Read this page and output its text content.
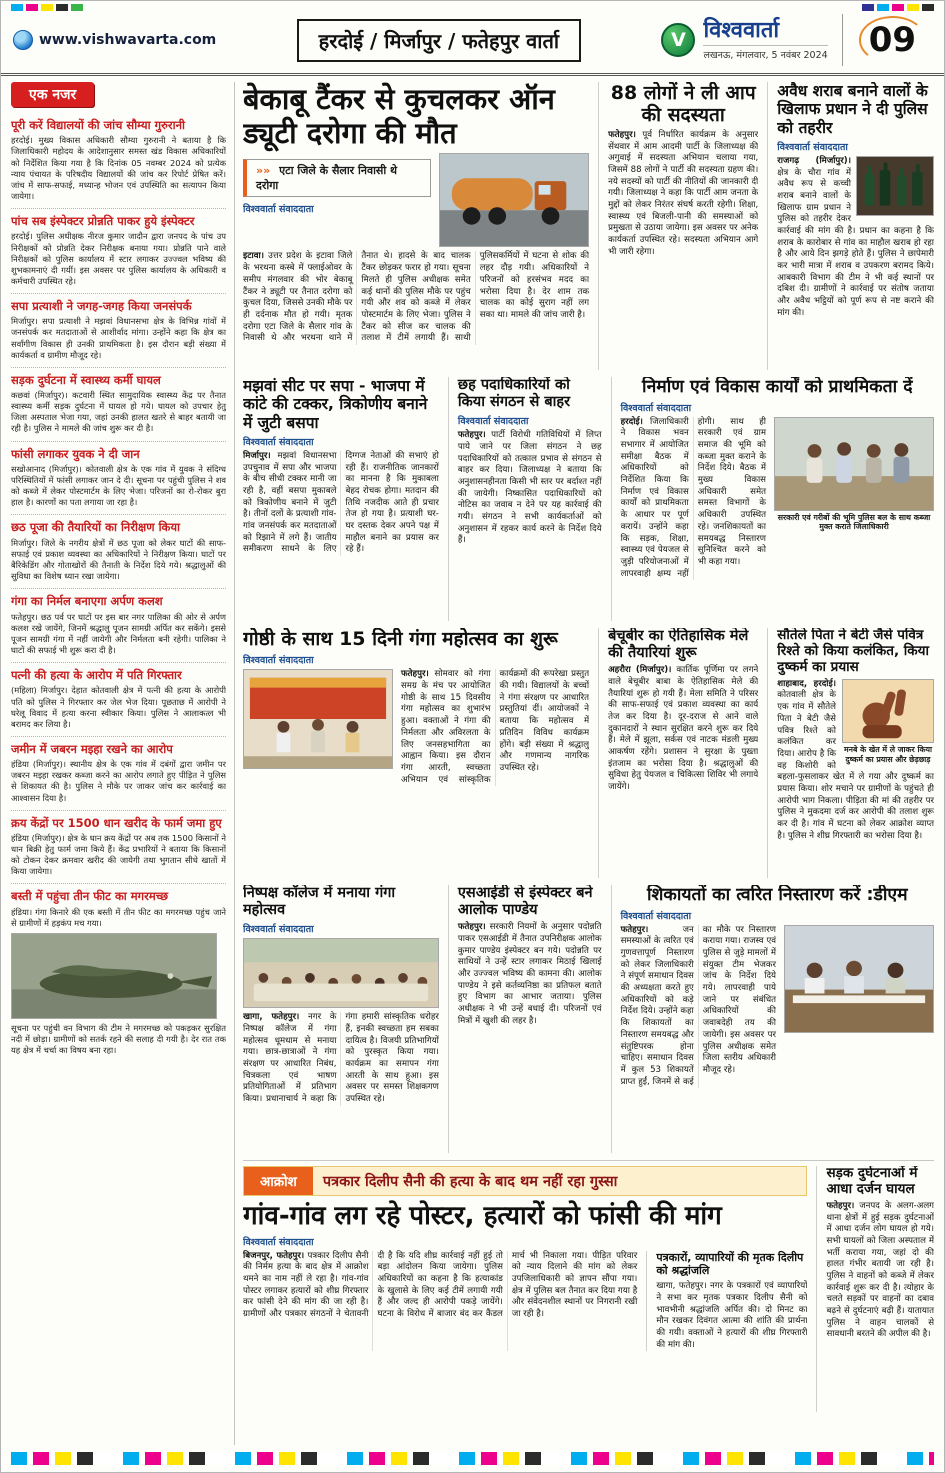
www.vishwavarta.com	हरदोई / मिर्जापुर / फतेहपुर वार्ता	V विश्ववार्ता
लखनऊ, मंगलवार, 5 नवंबर 2024	09
एक नजर
पूरी करें विद्यालयों की जांच सौम्या गुरुरानी

हरदोई। मुख्य विकास अधिकारी सौम्या गुरुरानी ने बताया है कि जिलाधिकारी महोदय के आदेशानुसार समस्त खंड विकास अधिकारियों को निर्देशित किया गया है कि दिनांक 05 नवम्बर 2024 को प्रत्येक न्याय पंचायत के परिषदीय विद्यालयों की जांच कर रिपोर्ट प्रेषित करें। जांच में साफ-सफाई, मध्यान्ह भोजन एवं उपस्थिति का सत्यापन किया जायेगा।

पांच सब इंस्पेक्टर प्रोन्नति पाकर हुये इंस्पेक्टर

हरदोई। पुलिस अधीक्षक नीरज कुमार जादौन द्वारा जनपद के पांच उप निरीक्षकों को प्रोन्नति देकर निरीक्षक बनाया गया। प्रोन्नति पाने वाले निरीक्षकों को पुलिस कार्यालय में स्टार लगाकर उज्ज्वल भविष्य की शुभकामनाएं दी गयीं। इस अवसर पर पुलिस कार्यालय के अधिकारी व कर्मचारी उपस्थित रहे।

सपा प्रत्याशी ने जगह-जगह किया जनसंपर्क

मिर्जापुर। सपा प्रत्याशी ने मझवां विधानसभा क्षेत्र के विभिन्न गांवों में जनसंपर्क कर मतदाताओं से आशीर्वाद मांगा। उन्होंने कहा कि क्षेत्र का सर्वांगीण विकास ही उनकी प्राथमिकता है। इस दौरान बड़ी संख्या में कार्यकर्ता व ग्रामीण मौजूद रहे।

सड़क दुर्घटना में स्वास्थ्य कर्मी घायल

कछवां (मिर्जापुर)। कटवारी स्थित सामुदायिक स्वास्थ्य केंद्र पर तैनात स्वास्थ्य कर्मी सड़क दुर्घटना में घायल हो गये। घायल को उपचार हेतु जिला अस्पताल भेजा गया, जहां उनकी हालत खतरे से बाहर बतायी जा रही है। पुलिस ने मामले की जांच शुरू कर दी है।

फांसी लगाकर युवक ने दी जान

सखोआनाद (मिर्जापुर)। कोतवाली क्षेत्र के एक गांव में युवक ने संदिग्ध परिस्थितियों में फांसी लगाकर जान दे दी। सूचना पर पहुंची पुलिस ने शव को कब्जे में लेकर पोस्टमार्टम के लिए भेजा। परिजनों का रो-रोकर बुरा हाल है। कारणों का पता लगाया जा रहा है।

छठ पूजा की तैयारियों का निरीक्षण किया

मिर्जापुर। जिले के नगरीय क्षेत्रों में छठ पूजा को लेकर घाटों की साफ-सफाई एवं प्रकाश व्यवस्था का अधिकारियों ने निरीक्षण किया। घाटों पर बैरिकेडिंग और गोताखोरों की तैनाती के निर्देश दिये गये। श्रद्धालुओं की सुविधा का विशेष ध्यान रखा जायेगा।

गंगा का निर्मल बनाएगा अर्पण कलश

फतेहपुर। छठ पर्व पर घाटों पर इस बार नगर पालिका की ओर से अर्पण कलश रखे जायेंगे, जिनमें श्रद्धालु पूजन सामग्री अर्पित कर सकेंगे। इससे पूजन सामग्री गंगा में नहीं जायेगी और निर्मलता बनी रहेगी। पालिका ने घाटों की सफाई भी शुरू करा दी है।

पत्नी की हत्या के आरोप में पति गिरफ्तार

(महिला) मिर्जापुर। देहात कोतवाली क्षेत्र में पत्नी की हत्या के आरोपी पति को पुलिस ने गिरफ्तार कर जेल भेज दिया। पूछताछ में आरोपी ने घरेलू विवाद में हत्या करना स्वीकार किया। पुलिस ने आलाकत्ल भी बरामद कर लिया है।

जमीन में जबरन मइहा रखने का आरोप

हंडिया (मिर्जापुर)। स्थानीय क्षेत्र के एक गांव में दबंगों द्वारा जमीन पर जबरन मइहा रखकर कब्जा करने का आरोप लगाते हुए पीड़ित ने पुलिस से शिकायत की है। पुलिस ने मौके पर जाकर जांच कर कार्रवाई का आश्वासन दिया है।

क्रय केंद्रों पर 1500 धान खरीद के फार्म जमा हुए

हंडिया (मिर्जापुर)। क्षेत्र के धान क्रय केंद्रों पर अब तक 1500 किसानों ने धान बिक्री हेतु फार्म जमा किये हैं। केंद्र प्रभारियों ने बताया कि किसानों को टोकन देकर क्रमवार खरीद की जायेगी तथा भुगतान सीधे खातों में किया जायेगा।

बस्ती में पहुंचा तीन फीट का मगरमच्छ

हंडिया। गंगा किनारे की एक बस्ती में तीन फीट का मगरमच्छ पहुंच जाने से ग्रामीणों में हड़कंप मच गया।

सूचना पर पहुंची वन विभाग की टीम ने मगरमच्छ को पकड़कर सुरक्षित नदी में छोड़ा। ग्रामीणों को सतर्क रहने की सलाह दी गयी है। देर रात तक यह क्षेत्र में चर्चा का विषय बना रहा।

बेकाबू टैंकर से कुचलकर ऑन ड्यूटी दरोगा की मौत
»» एटा जिले के सैलार निवासी थे दरोगा
विश्ववार्ता संवाददाता

इटावा। उत्तर प्रदेश के इटावा जिले के भरथना कस्बे में फ्लाईओवर के समीप मंगलवार की भोर बेकाबू टैंकर ने ड्यूटी पर तैनात दरोगा को कुचल दिया, जिससे उनकी मौके पर ही दर्दनाक मौत हो गयी। मृतक दरोगा एटा जिले के सैलार गांव के निवासी थे और भरथना थाने में तैनात थे। हादसे के बाद चालक टैंकर छोड़कर फरार हो गया। सूचना मिलते ही पुलिस अधीक्षक समेत कई थानों की पुलिस मौके पर पहुंच गयी और शव को कब्जे में लेकर पोस्टमार्टम के लिए भेजा। पुलिस ने टैंकर को सीज कर चालक की तलाश में टीमें लगायी हैं। साथी पुलिसकर्मियों में घटना से शोक की लहर दौड़ गयी। अधिकारियों ने परिजनों को हरसंभव मदद का भरोसा दिया है। देर शाम तक चालक का कोई सुराग नहीं लग सका था। मामले की जांच जारी है।

88 लोगों ने ली आप की सदस्यता

फतेहपुर। पूर्व निर्धारित कार्यक्रम के अनुसार सेंथवार में आम आदमी पार्टी के जिलाध्यक्ष की अगुवाई में सदस्यता अभियान चलाया गया, जिसमें 88 लोगों ने पार्टी की सदस्यता ग्रहण की। नये सदस्यों को पार्टी की नीतियों की जानकारी दी गयी। जिलाध्यक्ष ने कहा कि पार्टी आम जनता के मुद्दों को लेकर निरंतर संघर्ष करती रहेगी। शिक्षा, स्वास्थ्य एवं बिजली-पानी की समस्याओं को प्रमुखता से उठाया जायेगा। इस अवसर पर अनेक कार्यकर्ता उपस्थित रहे। सदस्यता अभियान आगे भी जारी रहेगा।

अवैध शराब बनाने वालों के खिलाफ प्रधान ने दी पुलिस को तहरीर
विश्ववार्ता संवाददाता

राजगढ़ (मिर्जापुर)। क्षेत्र के चौरा गांव में अवैध रूप से कच्ची शराब बनाने वालों के खिलाफ ग्राम प्रधान ने पुलिस को तहरीर देकर कार्रवाई की मांग की है। प्रधान का कहना है कि शराब के कारोबार से गांव का माहौल खराब हो रहा है और आये दिन झगड़े होते हैं। पुलिस ने छापेमारी कर भारी मात्रा में शराब व उपकरण बरामद किये। आबकारी विभाग की टीम ने भी कई स्थानों पर दबिश दी। ग्रामीणों ने कार्रवाई पर संतोष जताया और अवैध भट्ठियों को पूर्ण रूप से नष्ट कराने की मांग की।

मझवां सीट पर सपा - भाजपा में कांटे की टक्कर, त्रिकोणीय बनाने में जुटी बसपा
विश्ववार्ता संवाददाता

मिर्जापुर। मझवां विधानसभा उपचुनाव में सपा और भाजपा के बीच सीधी टक्कर मानी जा रही है, वहीं बसपा मुकाबले को त्रिकोणीय बनाने में जुटी है। तीनों दलों के प्रत्याशी गांव-गांव जनसंपर्क कर मतदाताओं को रिझाने में लगे हैं। जातीय समीकरण साधने के लिए दिग्गज नेताओं की सभाएं हो रही हैं। राजनीतिक जानकारों का मानना है कि मुकाबला बेहद रोचक होगा। मतदान की तिथि नजदीक आते ही प्रचार तेज हो गया है। प्रत्याशी घर-घर दस्तक देकर अपने पक्ष में माहौल बनाने का प्रयास कर रहे हैं।

छह पदाधिकारियों को किया संगठन से बाहर
विश्ववार्ता संवाददाता

फतेहपुर। पार्टी विरोधी गतिविधियों में लिप्त पाये जाने पर जिला संगठन ने छह पदाधिकारियों को तत्काल प्रभाव से संगठन से बाहर कर दिया। जिलाध्यक्ष ने बताया कि अनुशासनहीनता किसी भी स्तर पर बर्दाश्त नहीं की जायेगी। निष्कासित पदाधिकारियों को नोटिस का जवाब न देने पर यह कार्रवाई की गयी। संगठन ने सभी कार्यकर्ताओं को अनुशासन में रहकर कार्य करने के निर्देश दिये हैं।

निर्माण एवं विकास कार्यों को प्राथमिकता दें
विश्ववार्ता संवाददाता

हरदोई। जिलाधिकारी ने विकास भवन सभागार में आयोजित समीक्षा बैठक में अधिकारियों को निर्देशित किया कि निर्माण एवं विकास कार्यों को प्राथमिकता के आधार पर पूर्ण करायें। उन्होंने कहा कि सड़क, शिक्षा, स्वास्थ्य एवं पेयजल से जुड़ी परियोजनाओं में लापरवाही क्षम्य नहीं होगी। साथ ही सरकारी एवं ग्राम समाज की भूमि को कब्जा मुक्त कराने के निर्देश दिये। बैठक में मुख्य विकास अधिकारी समेत समस्त विभागों के अधिकारी उपस्थित रहे। जनशिकायतों का समयबद्ध निस्तारण सुनिश्चित करने को भी कहा गया।

सरकारी एवं गरीबों की भूमि पुलिस बल के साथ कब्जा मुक्त कराते जिलाधिकारी
गोष्ठी के साथ 15 दिनी गंगा महोत्सव का शुरू
विश्ववार्ता संवाददाता

फतेहपुर। सोमवार को गंगा समग्र के मंच पर आयोजित गोष्ठी के साथ 15 दिवसीय गंगा महोत्सव का शुभारंभ हुआ। वक्ताओं ने गंगा की निर्मलता और अविरलता के लिए जनसहभागिता का आह्वान किया। इस दौरान गंगा आरती, स्वच्छता अभियान एवं सांस्कृतिक कार्यक्रमों की रूपरेखा प्रस्तुत की गयी। विद्यालयों के बच्चों ने गंगा संरक्षण पर आधारित प्रस्तुतियां दीं। आयोजकों ने बताया कि महोत्सव में प्रतिदिन विविध कार्यक्रम होंगे। बड़ी संख्या में श्रद्धालु और गणमान्य नागरिक उपस्थित रहे।

बेचूबीर का ऐतिहासिक मेले की तैयारियां शुरू

अहरौरा (मिर्जापुर)। कार्तिक पूर्णिमा पर लगने वाले बेचूबीर बाबा के ऐतिहासिक मेले की तैयारियां शुरू हो गयी हैं। मेला समिति ने परिसर की साफ-सफाई एवं प्रकाश व्यवस्था का कार्य तेज कर दिया है। दूर-दराज से आने वाले दुकानदारों ने स्थान सुरक्षित करने शुरू कर दिये हैं। मेले में झूला, सर्कस एवं नाटक मंडली मुख्य आकर्षण रहेंगे। प्रशासन ने सुरक्षा के पुख्ता इंतजाम का भरोसा दिया है। श्रद्धालुओं की सुविधा हेतु पेयजल व चिकित्सा शिविर भी लगाये जायेंगे।

सौतेले पिता ने बेटी जैसे पवित्र रिश्ते को किया कलंकित, किया दुष्कर्म का प्रयास
मनबे के खेत में ले जाकर किया दुष्कर्म का प्रयास और छेड़छाड़

शाहाबाद, हरदोई। कोतवाली क्षेत्र के एक गांव में सौतेले पिता ने बेटी जैसे पवित्र रिश्ते को कलंकित कर दिया। आरोप है कि वह किशोरी को बहला-फुसलाकर खेत में ले गया और दुष्कर्म का प्रयास किया। शोर मचाने पर ग्रामीणों के पहुंचते ही आरोपी भाग निकला। पीड़िता की मां की तहरीर पर पुलिस ने मुकदमा दर्ज कर आरोपी की तलाश शुरू कर दी है। गांव में घटना को लेकर आक्रोश व्याप्त है। पुलिस ने शीघ्र गिरफ्तारी का भरोसा दिया है।

निष्पक्ष कॉलेज में मनाया गंगा महोत्सव
विश्ववार्ता संवाददाता

खागा, फतेहपुर। नगर के निष्पक्ष कॉलेज में गंगा महोत्सव धूमधाम से मनाया गया। छात्र-छात्राओं ने गंगा संरक्षण पर आधारित निबंध, चित्रकला एवं भाषण प्रतियोगिताओं में प्रतिभाग किया। प्रधानाचार्य ने कहा कि गंगा हमारी सांस्कृतिक धरोहर हैं, इनकी स्वच्छता हम सबका दायित्व है। विजयी प्रतिभागियों को पुरस्कृत किया गया। कार्यक्रम का समापन गंगा आरती के साथ हुआ। इस अवसर पर समस्त शिक्षकगण उपस्थित रहे।

एसआईडी से इंस्पेक्टर बने आलोक पाण्डेय

फतेहपुर। सरकारी नियमों के अनुसार पदोन्नति पाकर एसआईडी में तैनात उपनिरीक्षक आलोक कुमार पाण्डेय इंस्पेक्टर बन गये। पदोन्नति पर साथियों ने उन्हें स्टार लगाकर मिठाई खिलाई और उज्ज्वल भविष्य की कामना की। आलोक पाण्डेय ने इसे कर्तव्यनिष्ठा का प्रतिफल बताते हुए विभाग का आभार जताया। पुलिस अधीक्षक ने भी उन्हें बधाई दी। परिजनों एवं मित्रों में खुशी की लहर है।

शिकायतों का त्वरित निस्तारण करें :डीएम
विश्ववार्ता संवाददाता

फतेहपुर।	जन समस्याओं के त्वरित एवं गुणवत्तापूर्ण निस्तारण को लेकर जिलाधिकारी ने संपूर्ण समाधान दिवस की अध्यक्षता करते हुए अधिकारियों को कड़े निर्देश दिये। उन्होंने कहा कि शिकायतों का निस्तारण समयबद्ध और संतुष्टिपरक होना चाहिए। समाधान दिवस में कुल 53 शिकायतें प्राप्त हुईं, जिनमें से कई का मौके पर निस्तारण कराया गया। राजस्व एवं पुलिस से जुड़े मामलों में संयुक्त टीम भेजकर जांच के निर्देश दिये गये। लापरवाही पाये जाने पर संबंधित अधिकारियों की जवाबदेही तय की जायेगी। इस अवसर पर पुलिस अधीक्षक समेत जिला स्तरीय अधिकारी मौजूद रहे।

आक्रोश	पत्रकार दिलीप सैनी की हत्या के बाद थम नहीं रहा गुस्सा
गांव-गांव लग रहे पोस्टर, हत्यारों को फांसी की मांग
विश्ववार्ता संवाददाता

बिजनपुर, फतेहपुर। पत्रकार दिलीप सैनी की निर्मम हत्या के बाद क्षेत्र में आक्रोश थमने का नाम नहीं ले रहा है। गांव-गांव पोस्टर लगाकर हत्यारों को शीघ्र गिरफ्तार कर फांसी देने की मांग की जा रही है। ग्रामीणों और पत्रकार संगठनों ने चेतावनी दी है कि यदि शीघ्र कार्रवाई नहीं हुई तो बड़ा आंदोलन किया जायेगा। पुलिस अधिकारियों का कहना है कि हत्याकांड के खुलासे के लिए कई टीमें लगायी गयी हैं और जल्द ही आरोपी पकड़े जायेंगे। घटना के विरोध में बाजार बंद कर कैंडल मार्च भी निकाला गया। पीड़ित परिवार को न्याय दिलाने की मांग को लेकर उपजिलाधिकारी को ज्ञापन सौंपा गया। क्षेत्र में पुलिस बल तैनात कर दिया गया है और संवेदनशील स्थानों पर निगरानी रखी जा रही है।

पत्रकारों, व्यापारियों की मृतक दिलीप को श्रद्धांजलि

खागा, फतेहपुर। नगर के पत्रकारों एवं व्यापारियों ने सभा कर मृतक पत्रकार दिलीप सैनी को भावभीनी श्रद्धांजलि अर्पित की। दो मिनट का मौन रखकर दिवंगत आत्मा की शांति की प्रार्थना की गयी। वक्ताओं ने हत्यारों की शीघ्र गिरफ्तारी की मांग की।

सड़क दुर्घटनाओं में आधा दर्जन घायल

फतेहपुर। जनपद के अलग-अलग थाना क्षेत्रों में हुई सड़क दुर्घटनाओं में आधा दर्जन लोग घायल हो गये। सभी घायलों को जिला अस्पताल में भर्ती कराया गया, जहां दो की हालत गंभीर बतायी जा रही है। पुलिस ने वाहनों को कब्जे में लेकर कार्रवाई शुरू कर दी है। त्योहार के चलते सड़कों पर वाहनों का दबाव बढ़ने से दुर्घटनाएं बढ़ी हैं। यातायात पुलिस ने वाहन चालकों से सावधानी बरतने की अपील की है।
